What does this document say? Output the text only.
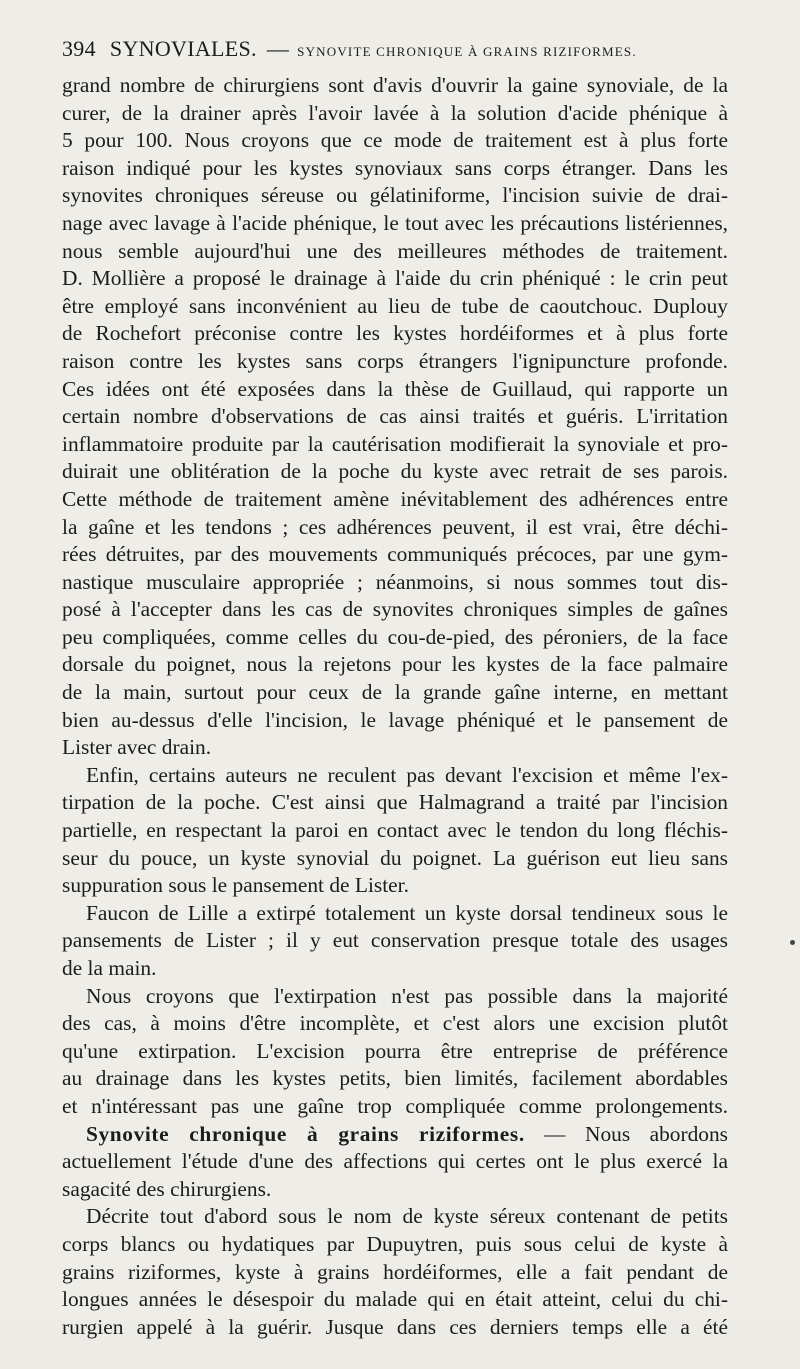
394 SYNOVIALES. — SYNOVITE CHRONIQUE À GRAINS RIZIFORMES.
grand nombre de chirurgiens sont d'avis d'ouvrir la gaine synoviale, de la
curer, de la drainer après l'avoir lavée à la solution d'acide phénique à
5 pour 100. Nous croyons que ce mode de traitement est à plus forte
raison indiqué pour les kystes synoviaux sans corps étranger. Dans les
synovites chroniques séreuse ou gélatiniforme, l'incision suivie de drai-
nage avec lavage à l'acide phénique, le tout avec les précautions listériennes,
nous semble aujourd'hui une des meilleures méthodes de traitement.
D. Mollière a proposé le drainage à l'aide du crin phéniqué : le crin peut
être employé sans inconvénient au lieu de tube de caoutchouc. Duplouy
de Rochefort préconise contre les kystes hordéiformes et à plus forte
raison contre les kystes sans corps étrangers l'ignipuncture profonde.
Ces idées ont été exposées dans la thèse de Guillaud, qui rapporte un
certain nombre d'observations de cas ainsi traités et guéris. L'irritation
inflammatoire produite par la cautérisation modifierait la synoviale et pro-
duirait une oblitération de la poche du kyste avec retrait de ses parois.
Cette méthode de traitement amène inévitablement des adhérences entre
la gaîne et les tendons ; ces adhérences peuvent, il est vrai, être déchi-
rées détruites, par des mouvements communiqués précoces, par une gym-
nastique musculaire appropriée ; néanmoins, si nous sommes tout dis-
posé à l'accepter dans les cas de synovites chroniques simples de gaînes
peu compliquées, comme celles du cou-de-pied, des péroniers, de la face
dorsale du poignet, nous la rejetons pour les kystes de la face palmaire
de la main, surtout pour ceux de la grande gaîne interne, en mettant
bien au-dessus d'elle l'incision, le lavage phéniqué et le pansement de
Lister avec drain.
Enfin, certains auteurs ne reculent pas devant l'excision et même l'ex-
tirpation de la poche. C'est ainsi que Halmagrand a traité par l'incision
partielle, en respectant la paroi en contact avec le tendon du long fléchis-
seur du pouce, un kyste synovial du poignet. La guérison eut lieu sans
suppuration sous le pansement de Lister.
Faucon de Lille a extirpé totalement un kyste dorsal tendineux sous le
pansements de Lister ; il y eut conservation presque totale des usages
de la main.
Nous croyons que l'extirpation n'est pas possible dans la majorité
des cas, à moins d'être incomplète, et c'est alors une excision plutôt
qu'une extirpation. L'excision pourra être entreprise de préférence
au drainage dans les kystes petits, bien limités, facilement abordables
et n'intéressant pas une gaîne trop compliquée comme prolongements.
Synovite chronique à grains riziformes. — Nous abordons
actuellement l'étude d'une des affections qui certes ont le plus exercé la
sagacité des chirurgiens.
Décrite tout d'abord sous le nom de kyste séreux contenant de petits
corps blancs ou hydatiques par Dupuytren, puis sous celui de kyste à
grains riziformes, kyste à grains hordéiformes, elle a fait pendant de
longues années le désespoir du malade qui en était atteint, celui du chi-
rurgien appelé à la guérir. Jusque dans ces derniers temps elle a été
